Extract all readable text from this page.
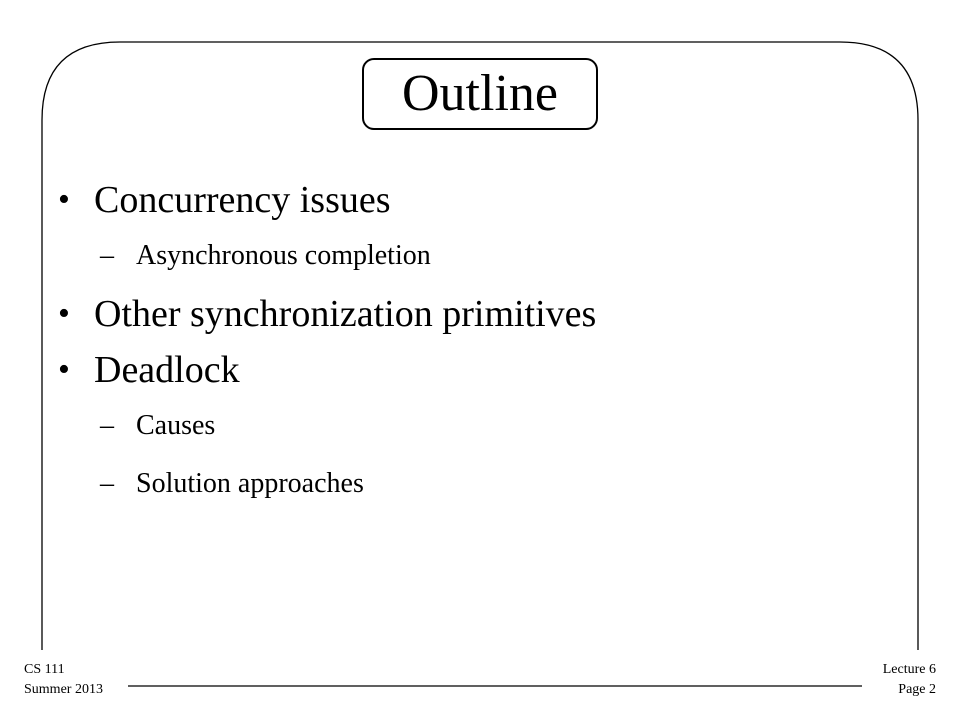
Outline
• Concurrency issues
– Asynchronous completion
• Other synchronization primitives
• Deadlock
– Causes
– Solution approaches
CS 111
Summer 2013
Lecture 6
Page 2
